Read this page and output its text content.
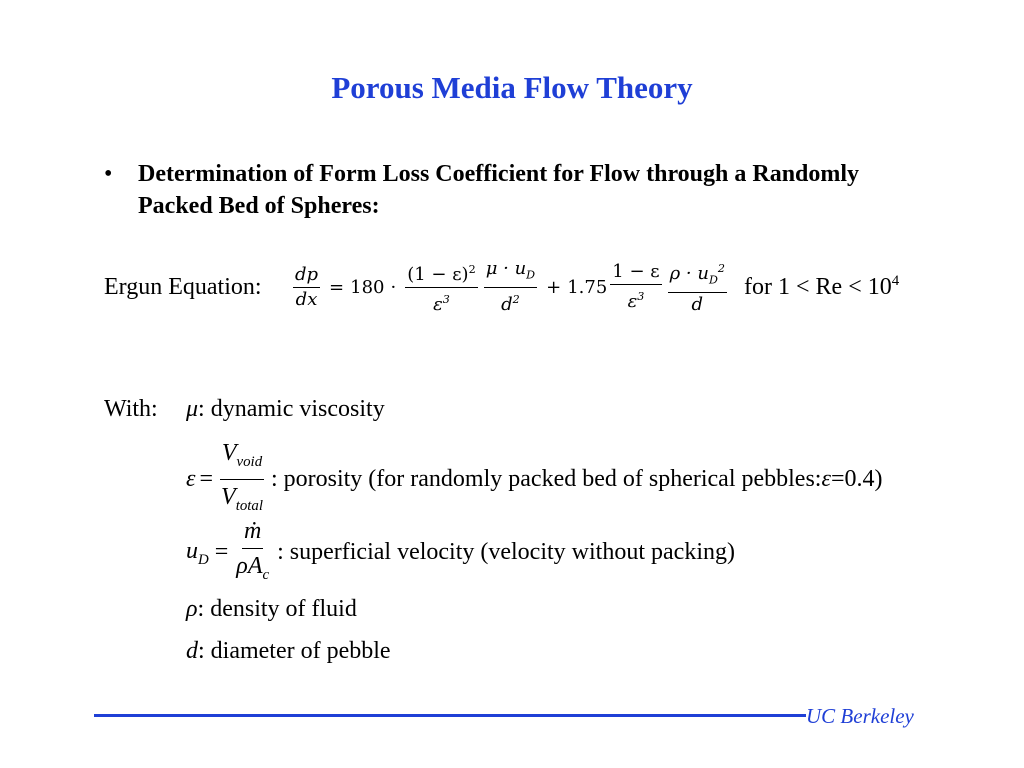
Porous Media Flow Theory
• Determination of Form Loss Coefficient for Flow through a Randomly Packed Bed of Spheres:
Ergun Equation: $\frac{dp}{dx} = 180 \cdot \frac{(1 - \varepsilon)^2}{\varepsilon^3} \frac{\mu \cdot u_D}{d^2} + 1.75 \frac{1 - \varepsilon}{\varepsilon^3} \frac{\rho \cdot u_D^2}{d}$ for $1 < Re < 10^4$
With: μ : dynamic viscosity
$\varepsilon = \frac{V_{void}}{V_{total}}$ : porosity (for randomly packed bed of spherical pebbles: ε =0.4)
$u_D = \frac{\text{ṁ}}{\rho A_c}$ : superficial velocity (velocity without packing)
ρ : density of fluid
d : diameter of pebble
UC Berkeley
